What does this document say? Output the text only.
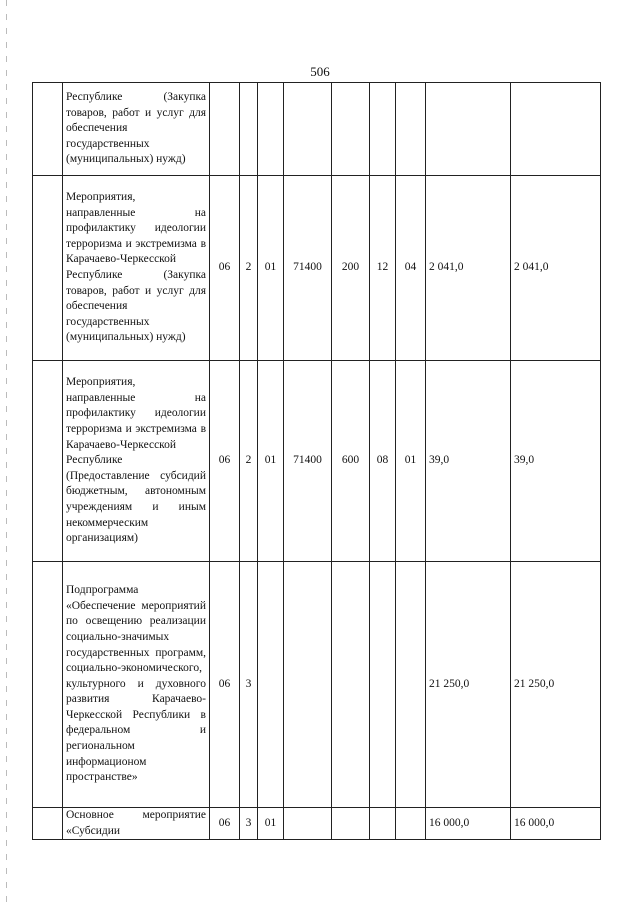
506
	Республике (Закупка товаров, работ и услуг для обеспечения государственных (муниципальных) нужд)									
	Мероприятия, направленные на профилактику идеологии терроризма и экстремизма в Карачаево-Черкесской Республике (Закупка товаров, работ и услуг для обеспечения государственных (муниципальных) нужд)	06	2	01	71400	200	12	04	2 041,0	2 041,0
	Мероприятия, направленные на профилактику идеологии терроризма и экстремизма в Карачаево-Черкесской Республике (Предоставление субсидий бюджетным, автономным учреждениям и иным некоммерческим организациям)	06	2	01	71400	600	08	01	39,0	39,0
	Подпрограмма «Обеспечение мероприятий по освещению реализации социально-значимых государственных программ, социально-экономического, культурного и духовного развития Карачаево-Черкесской Республики в федеральном и региональном информационом пространстве»	06	3						21 250,0	21 250,0
	Основное мероприятие «Субсидии	06	3	01					16 000,0	16 000,0
